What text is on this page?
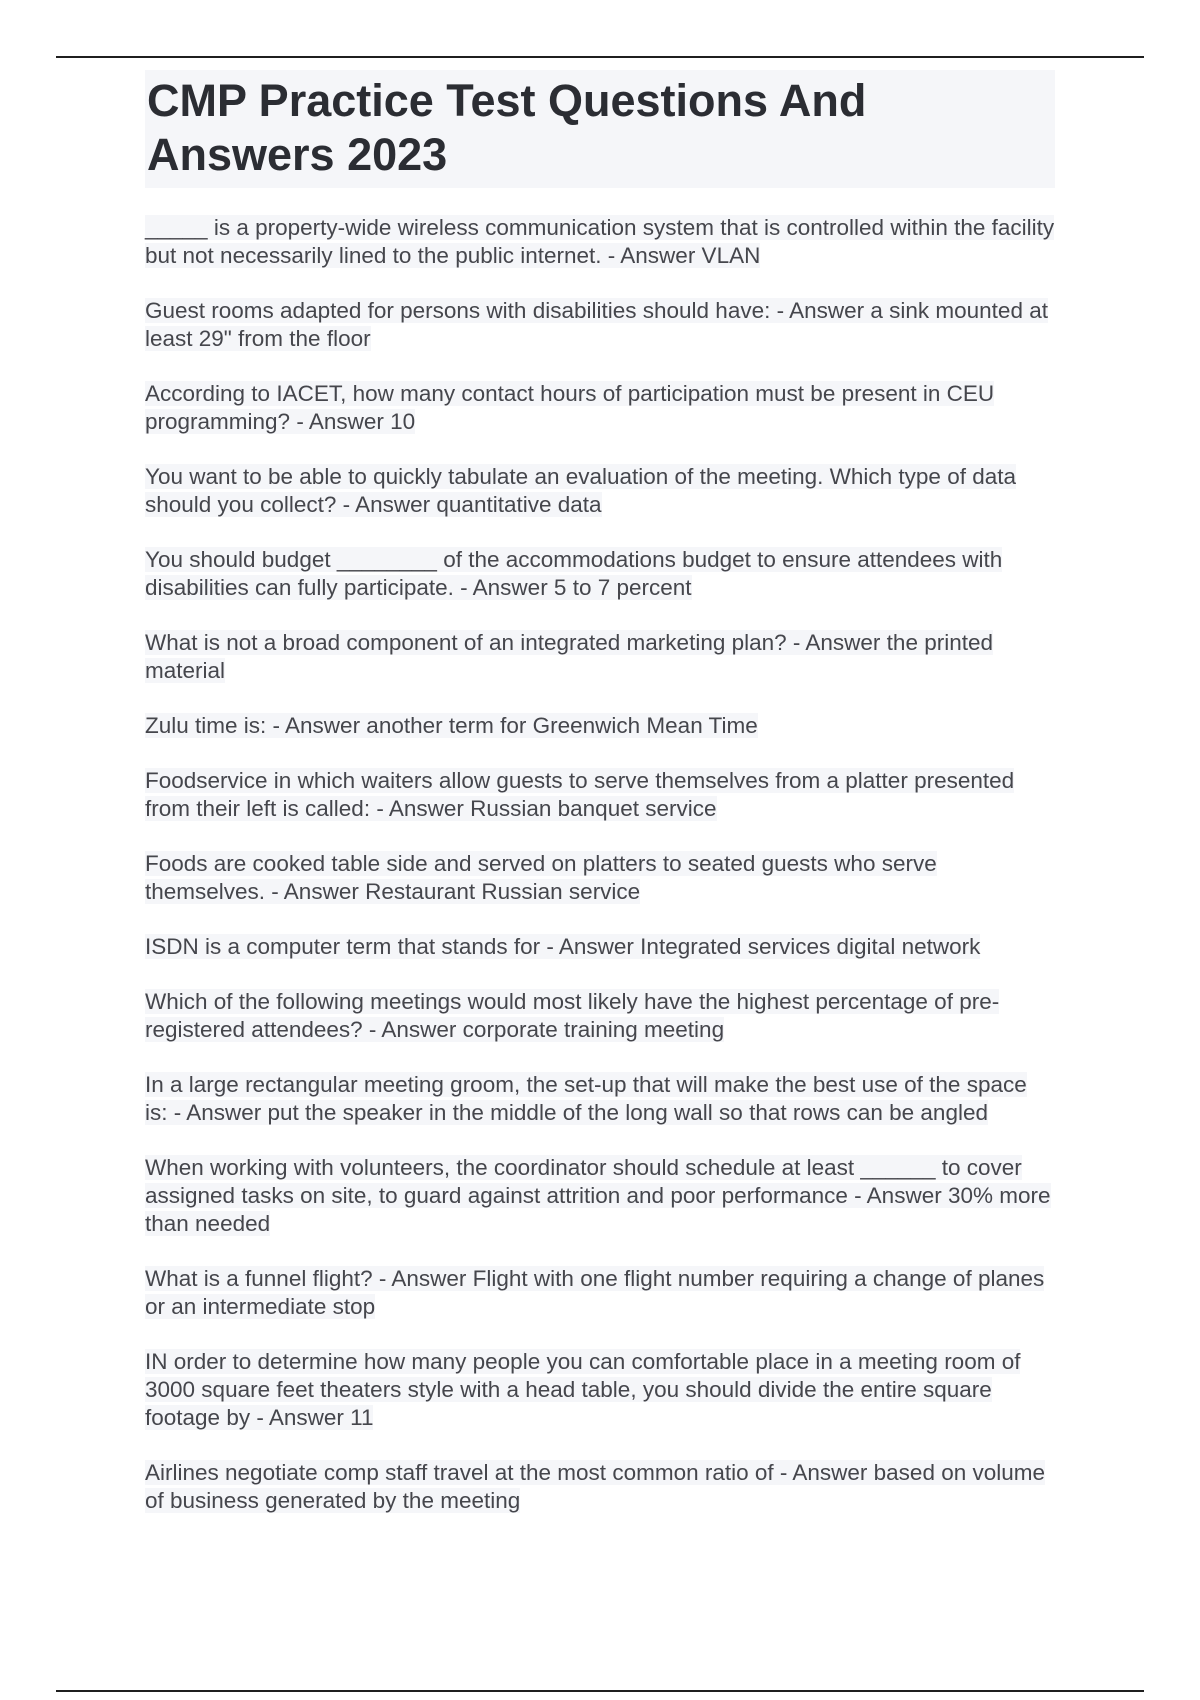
CMP Practice Test Questions And Answers 2023
_____ is a property-wide wireless communication system that is controlled within the facility but not necessarily lined to the public internet. - Answer VLAN
Guest rooms adapted for persons with disabilities should have: - Answer a sink mounted at least 29" from the floor
According to IACET, how many contact hours of participation must be present in CEU programming? - Answer 10
You want to be able to quickly tabulate an evaluation of the meeting. Which type of data should you collect? - Answer quantitative data
You should budget ________ of the accommodations budget to ensure attendees with disabilities can fully participate. - Answer 5 to 7 percent
What is not a broad component of an integrated marketing plan? - Answer the printed material
Zulu time is: - Answer another term for Greenwich Mean Time
Foodservice in which waiters allow guests to serve themselves from a platter presented from their left is called: - Answer Russian banquet service
Foods are cooked table side and served on platters to seated guests who serve themselves. - Answer Restaurant Russian service
ISDN is a computer term that stands for - Answer Integrated services digital network
Which of the following meetings would most likely have the highest percentage of pre-registered attendees? - Answer corporate training meeting
In a large rectangular meeting groom, the set-up that will make the best use of the space is: - Answer put the speaker in the middle of the long wall so that rows can be angled
When working with volunteers, the coordinator should schedule at least ______ to cover assigned tasks on site, to guard against attrition and poor performance - Answer 30% more than needed
What is a funnel flight? - Answer Flight with one flight number requiring a change of planes or an intermediate stop
IN order to determine how many people you can comfortable place in a meeting room of 3000 square feet theaters style with a head table, you should divide the entire square footage by - Answer 11
Airlines negotiate comp staff travel at the most common ratio of - Answer based on volume of business generated by the meeting
